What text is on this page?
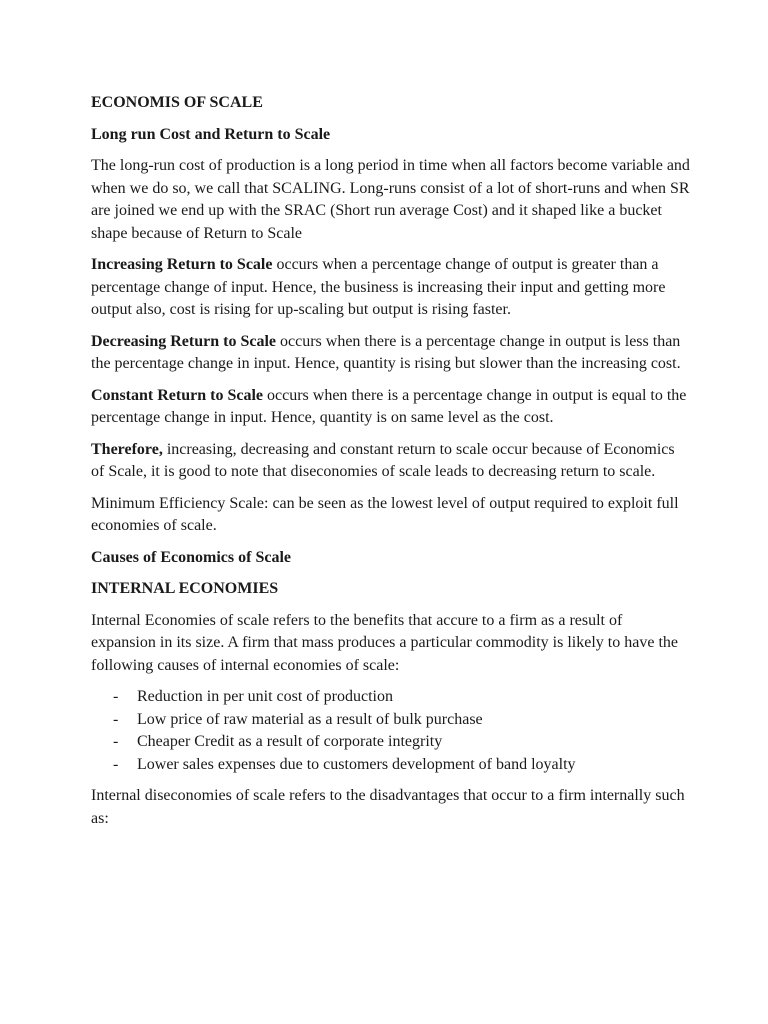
ECONOMIS OF SCALE
Long run Cost and Return to Scale
The long-run cost of production is a long period in time when all factors become variable and when we do so, we call that SCALING. Long-runs consist of a lot of short-runs and when SR are joined we end up with the SRAC (Short run average Cost) and it shaped like a bucket shape because of Return to Scale
Increasing Return to Scale occurs when a percentage change of output is greater than a percentage change of input. Hence, the business is increasing their input and getting more output also, cost is rising for up-scaling but output is rising faster.
Decreasing Return to Scale occurs when there is a percentage change in output is less than the percentage change in input. Hence, quantity is rising but slower than the increasing cost.
Constant Return to Scale occurs when there is a percentage change in output is equal to the percentage change in input. Hence, quantity is on same level as the cost.
Therefore, increasing, decreasing and constant return to scale occur because of Economics of Scale, it is good to note that diseconomies of scale leads to decreasing return to scale.
Minimum Efficiency Scale: can be seen as the lowest level of output required to exploit full economies of scale.
Causes of Economics of Scale
INTERNAL ECONOMIES
Internal Economies of scale refers to the benefits that accure to a firm as a result of expansion in its size. A firm that mass produces a particular commodity is likely to have the following causes of internal economies of scale:
- Reduction in per unit cost of production
- Low price of raw material as a result of bulk purchase
- Cheaper Credit as a result of corporate integrity
- Lower sales expenses due to customers development of band loyalty
Internal diseconomies of scale refers to the disadvantages that occur to a firm internally such as:
